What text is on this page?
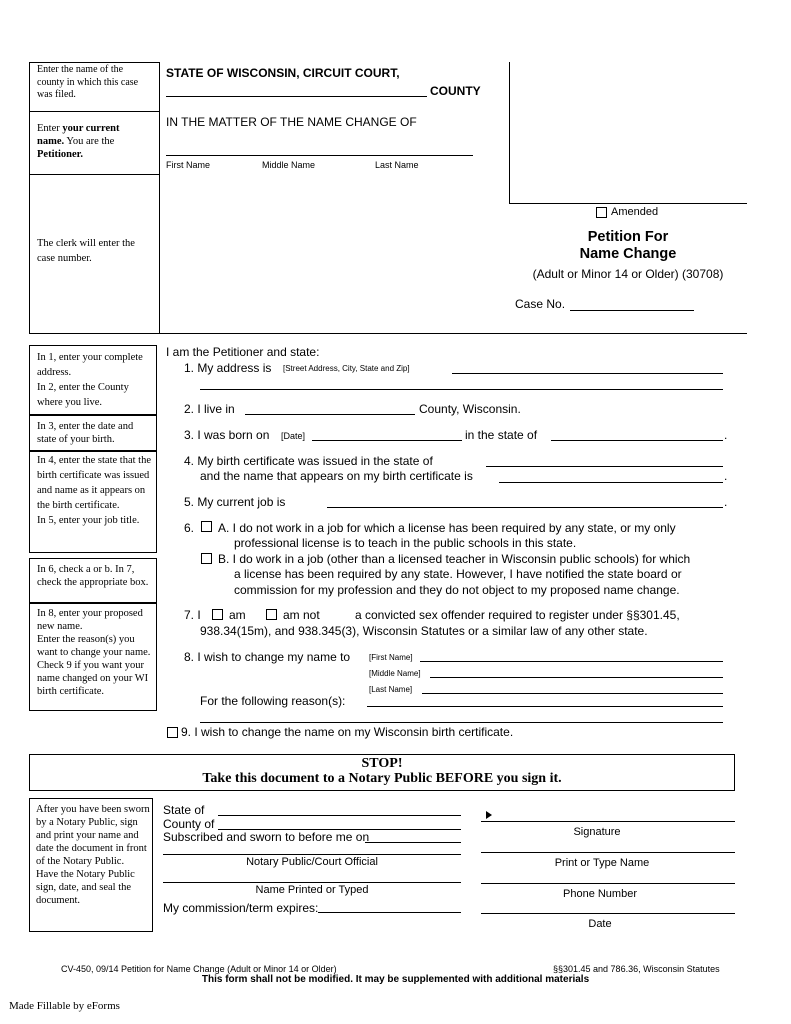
Enter the name of the county in which this case was filed.
Enter your current name. You are the Petitioner.
The clerk will enter the case number.
STATE OF WISCONSIN, CIRCUIT COURT,
COUNTY
IN THE MATTER OF THE NAME CHANGE OF
First Name	Middle Name	Last Name
Amended
Petition For
Name Change
(Adult or Minor 14 or Older) (30708)
Case No.
In 1, enter your complete address.
In 2, enter the County where you live.
In 3, enter the date and state of your birth.
In 4, enter the state that the birth certificate was issued and name as it appears on the birth certificate.
In 5, enter your job title.
In 6, check a or b. In 7, check the appropriate box.
In 8, enter your proposed new name.
Enter the reason(s) you want to change your name.
Check 9 if you want your name changed on your WI birth certificate.
I am the Petitioner and state:
1. My address is [Street Address, City, State and Zip]
2. I live in	County, Wisconsin.
3. I was born on [Date]	in the state of	.
4. My birth certificate was issued in the state of
and the name that appears on my birth certificate is	.
5. My current job is	.
6. A. I do not work in a job for which a license has been required by any state, or my only
professional license is to teach in the public schools in this state.
B. I do work in a job (other than a licensed teacher in Wisconsin public schools) for which
a license has been required by any state. However, I have notified the state board or
commission for my profession and they do not object to my proposed name change.
7. I am	am not	a convicted sex offender required to register under §§301.45,
938.34(15m), and 938.345(3), Wisconsin Statutes or a similar law of any other state.
8. I wish to change my name to [First Name]
[Middle Name]
[Last Name]
For the following reason(s):
9. I wish to change the name on my Wisconsin birth certificate.
STOP!
Take this document to a Notary Public BEFORE you sign it.
After you have been sworn by a Notary Public, sign and print your name and date the document in front of the Notary Public.
Have the Notary Public sign, date, and seal the document.
State of
County of
Subscribed and sworn to before me on
Notary Public/Court Official
Name Printed or Typed
My commission/term expires:
Signature
Print or Type Name
Phone Number
Date
CV-450, 09/14 Petition for Name Change (Adult or Minor 14 or Older)	§§301.45 and 786.36, Wisconsin Statutes
This form shall not be modified. It may be supplemented with additional materials
Made Fillable by eForms
